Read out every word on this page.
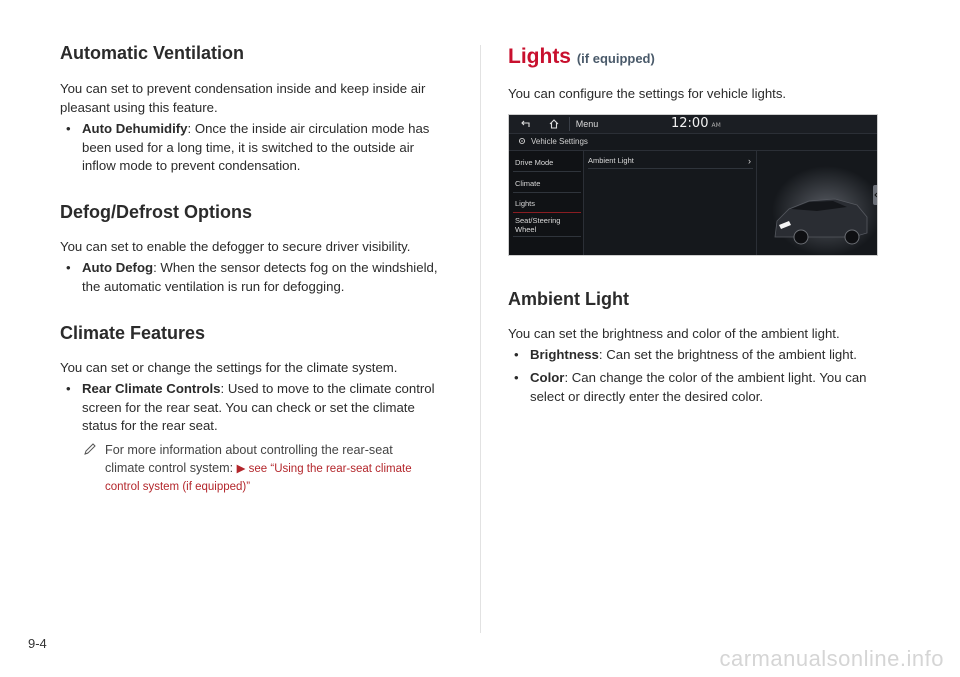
Automatic Ventilation

You can set to prevent condensation inside and keep inside air

pleasant using this feature.

• Auto Dehumidify: Once the inside air circulation mode has
been used for a long time, it is switched to the outside air
inflow mode to prevent condensation.
Defog/Defrost Options

You can set to enable the defogger to secure driver visibility.

• Auto Defog: When the sensor detects fog on the windshield,
the automatic ventilation is run for defogging.
Climate Features

You can set or change the settings for the climate system.

• Rear Climate Controls: Used to move to the climate control
screen for the rear seat. You can check or set the climate
status for the rear seat.
For more information about controlling the rear-seat
climate control system: ▶ see “Using the rear-seat climate
control system (if equipped)”
Lights (if equipped)

You can configure the settings for vehicle lights.

Menu	12:00 AM
Vehicle Settings
Drive Mode
Climate
Lights
Seat/Steering
Wheel
Ambient Light	›
Ambient Light

You can set the brightness and color of the ambient light.

• Brightness: Can set the brightness of the ambient light.
• Color: Can change the color of the ambient light. You can
select or directly enter the desired color.
9-4
carmanualsonline.info
